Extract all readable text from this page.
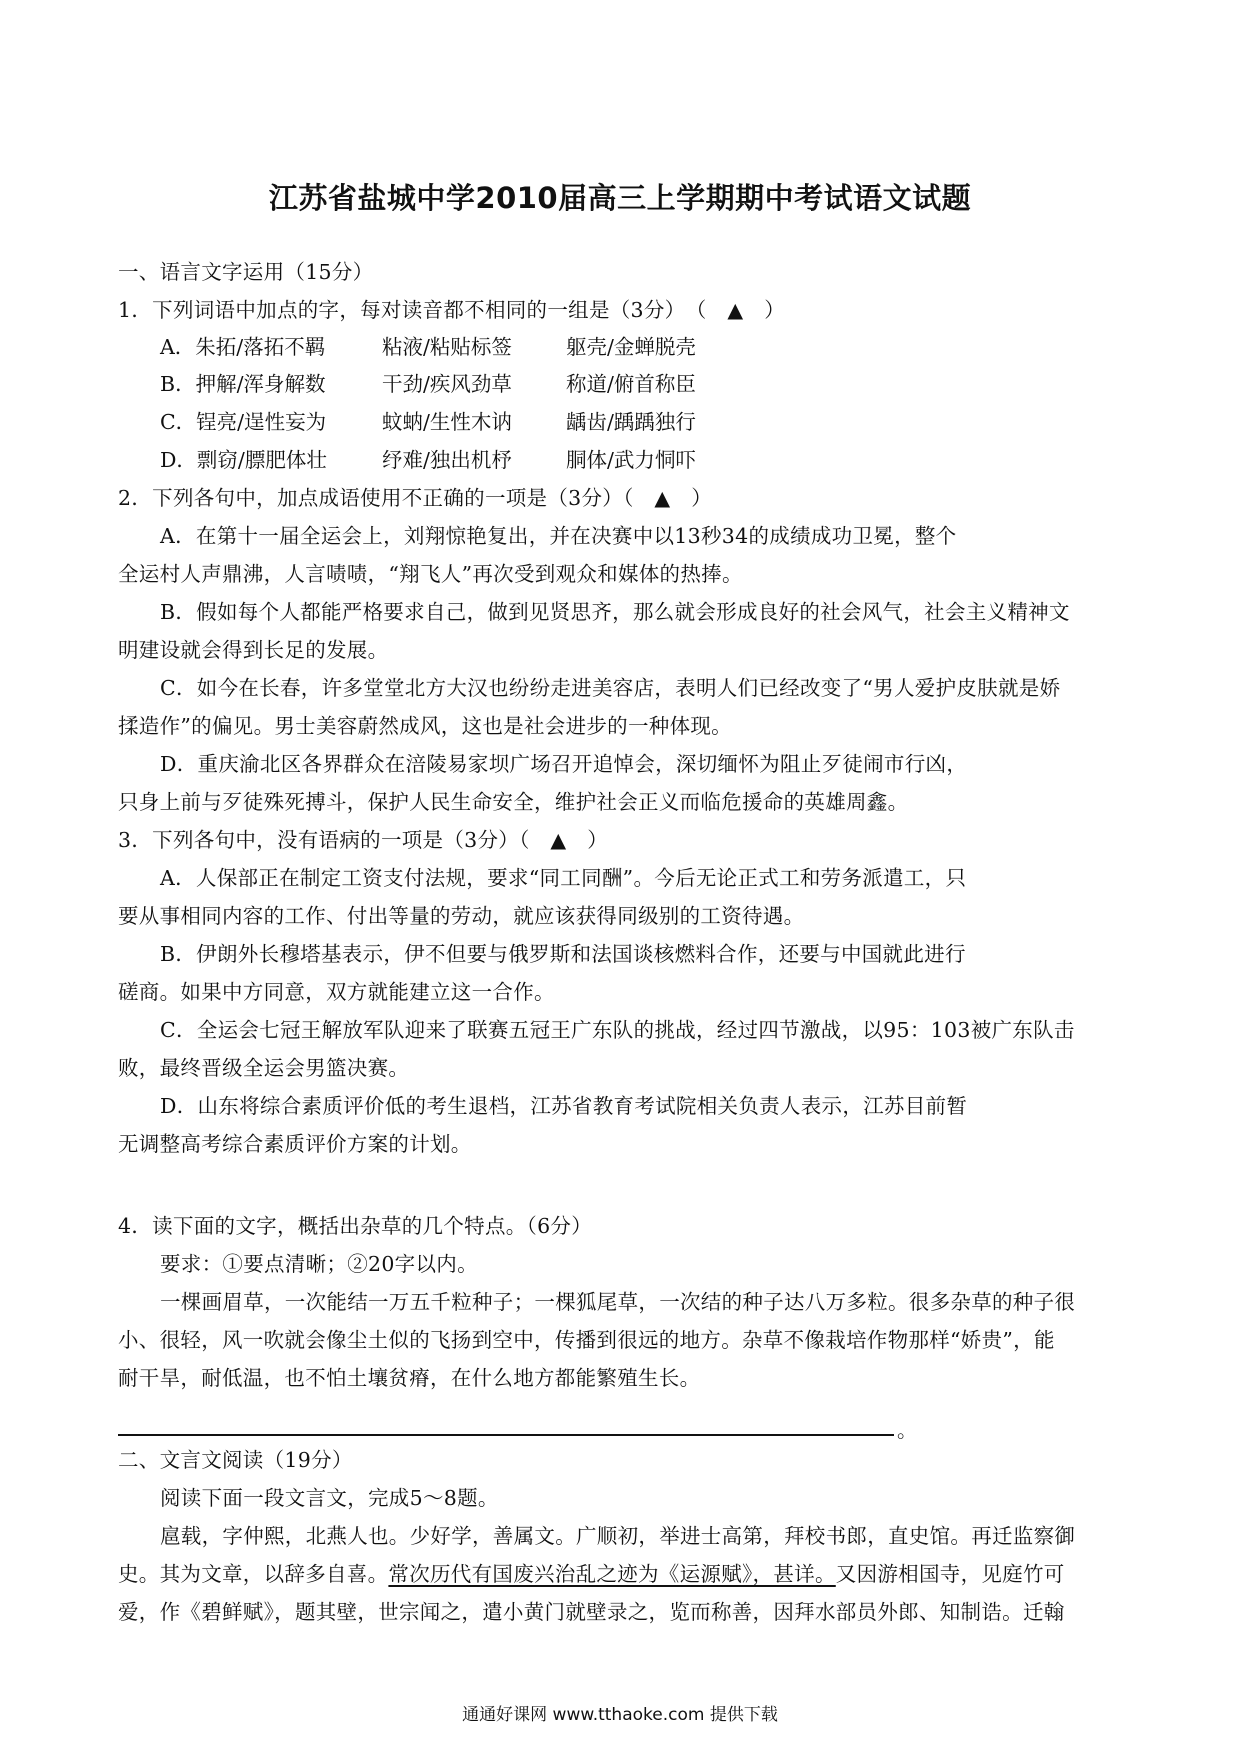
江苏省盐城中学2010届高三上学期期中考试语文试题
一、语言文字运用（15分）
1．下列词语中加点的字，每对读音都不相同的一组是（3分）　（　▲　）
A．朱拓/落拓不羁	粘液/粘贴标签	躯壳/金蝉脱壳
B．押解/浑身解数	干劲/疾风劲草	称道/俯首称臣
C．锃亮/逞性妄为	蚊蚋/生性木讷	龋齿/踽踽独行
D．剽窃/膘肥体壮	纾难/独出机杼	胴体/武力恫吓
2．下列各句中，加点成语使用不正确的一项是（3分）（　▲　）
A．在第十一届全运会上，刘翔惊艳复出，并在决赛中以13秒34的成绩成功卫冕，整个
全运村人声鼎沸，人言啧啧，“翔飞人”再次受到观众和媒体的热捧。
B．假如每个人都能严格要求自己，做到见贤思齐，那么就会形成良好的社会风气，社会主义精神文
明建设就会得到长足的发展。
C．如今在长春，许多堂堂北方大汉也纷纷走进美容店，表明人们已经改变了“男人爱护皮肤就是娇
揉造作”的偏见。男士美容蔚然成风，这也是社会进步的一种体现。
D．重庆渝北区各界群众在涪陵易家坝广场召开追悼会，深切缅怀为阻止歹徒闹市行凶，
只身上前与歹徒殊死搏斗，保护人民生命安全，维护社会正义而临危援命的英雄周鑫。
3．下列各句中，没有语病的一项是（3分）（　▲　）
A．人保部正在制定工资支付法规，要求“同工同酬”。今后无论正式工和劳务派遣工，只
要从事相同内容的工作、付出等量的劳动，就应该获得同级别的工资待遇。
B．伊朗外长穆塔基表示，伊不但要与俄罗斯和法国谈核燃料合作，还要与中国就此进行
磋商。如果中方同意，双方就能建立这一合作。
C．全运会七冠王解放军队迎来了联赛五冠王广东队的挑战，经过四节激战，以95：103被广东队击
败，最终晋级全运会男篮决赛。
D．山东将综合素质评价低的考生退档，江苏省教育考试院相关负责人表示，江苏目前暂
无调整高考综合素质评价方案的计划。
4．读下面的文字，概括出杂草的几个特点。（6分）
要求：①要点清晰；②20字以内。
一棵画眉草，一次能结一万五千粒种子；一棵狐尾草，一次结的种子达八万多粒。很多杂草的种子很
小、很轻，风一吹就会像尘土似的飞扬到空中，传播到很远的地方。杂草不像栽培作物那样“娇贵”，能
耐干旱，耐低温，也不怕土壤贫瘠，在什么地方都能繁殖生长。
。
二、文言文阅读（19分）
阅读下面一段文言文，完成5～8题。
扈载，字仲熙，北燕人也。少好学，善属文。广顺初，举进士高第，拜校书郎，直史馆。再迁监察御
史。其为文章，以辞多自喜。常次历代有国废兴治乱之迹为《运源赋》，甚详。又因游相国寺，见庭竹可
爱，作《碧鲜赋》，题其壁，世宗闻之，遣小黄门就壁录之，览而称善，因拜水部员外郎、知制诰。迁翰
通通好课网 www.tthaoke.com 提供下载
